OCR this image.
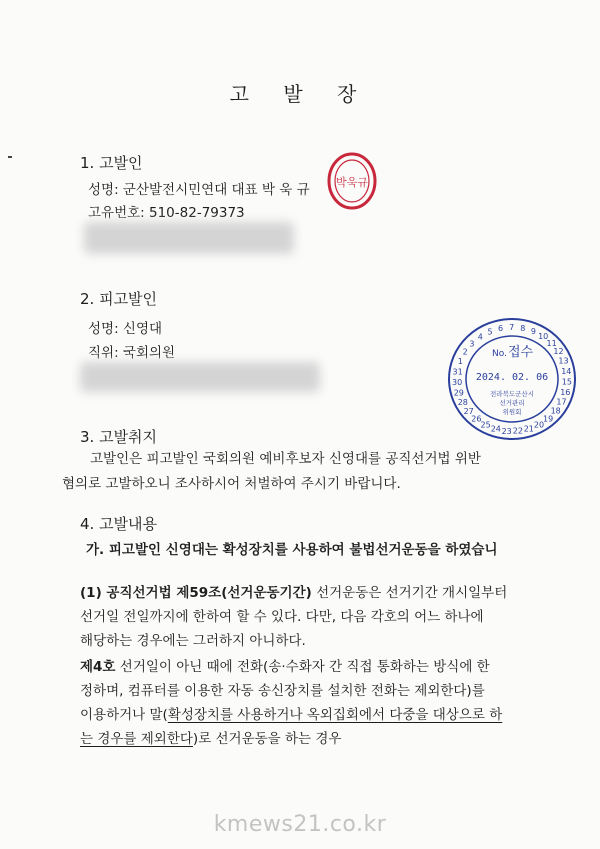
고 발 장
1. 고발인
성명: 군산발전시민연대 대표 박 욱 규
고유번호: 510-82-79373
박욱규
2. 피고발인
성명: 신영대
직위: 국회의원
1
2
3
4
5 6 7 8 9
10
11
12
13
14
15
16
17
18
19
20
21
22
23
24
25
26
27
28
29
30
31
No. 접수
2024. 02. 06
전라북도군산시
선거관리
위원회
3. 고발취지
고발인은 피고발인 국회의원 예비후보자 신영대를 공직선거법 위반
혐의로 고발하오니 조사하시어 처벌하여 주시기 바랍니다.
4. 고발내용
가. 피고발인 신영대는 확성장치를 사용하여 불법선거운동을 하였습니
(1) 공직선거법 제59조(선거운동기간) 선거운동은 선거기간 개시일부터
선거일 전일까지에 한하여 할 수 있다. 다만, 다음 각호의 어느 하나에
해당하는 경우에는 그러하지 아니하다.
제4호 선거일이 아닌 때에 전화(송·수화자 간 직접 통화하는 방식에 한
정하며, 컴퓨터를 이용한 자동 송신장치를 설치한 전화는 제외한다)를
이용하거나 말(확성장치를 사용하거나 옥외집회에서 다중을 대상으로 하
는 경우를 제외한다)로 선거운동을 하는 경우
kmews21.co.kr
